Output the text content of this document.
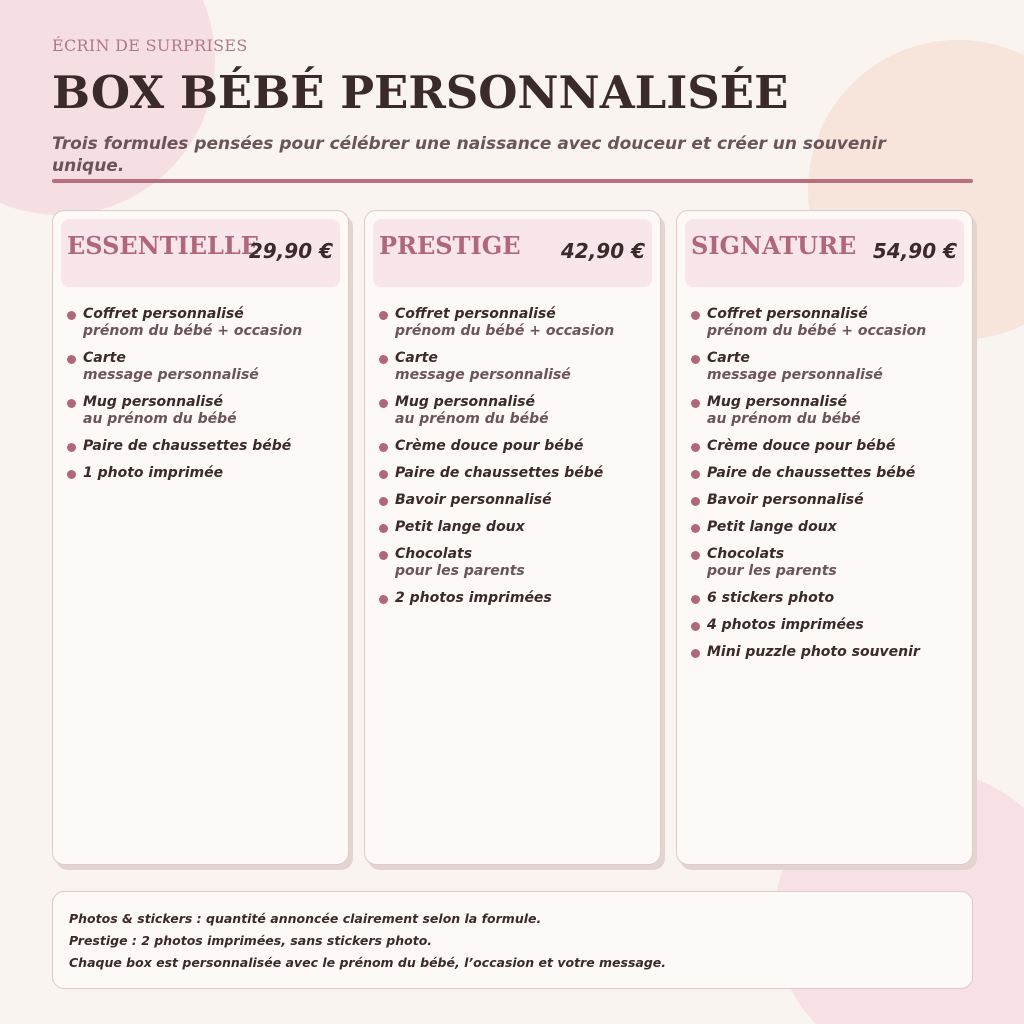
ÉCRIN DE SURPRISES
BOX BÉBÉ PERSONNALISÉE
Trois formules pensées pour célébrer une naissance avec douceur et créer un souvenir unique.
ESSENTIELLE
29,90 €
Coffret personnalisé
prénom du bébé + occasion
Carte
message personnalisé
Mug personnalisé
au prénom du bébé
Paire de chaussettes bébé
1 photo imprimée
PRESTIGE 42,90 €
Coffret personnalisé
prénom du bébé + occasion
Carte
message personnalisé
Mug personnalisé
au prénom du bébé
Crème douce pour bébé
Paire de chaussettes bébé
Bavoir personnalisé
Petit lange doux
Chocolats
pour les parents
2 photos imprimées
SIGNATURE 54,90 €
Coffret personnalisé
prénom du bébé + occasion
Carte
message personnalisé
Mug personnalisé
au prénom du bébé
Crème douce pour bébé
Paire de chaussettes bébé
Bavoir personnalisé
Petit lange doux
Chocolats
pour les parents
6 stickers photo
4 photos imprimées
Mini puzzle photo souvenir
Photos & stickers : quantité annoncée clairement selon la formule.
Prestige : 2 photos imprimées, sans stickers photo.
Chaque box est personnalisée avec le prénom du bébé, l’occasion et votre message.
